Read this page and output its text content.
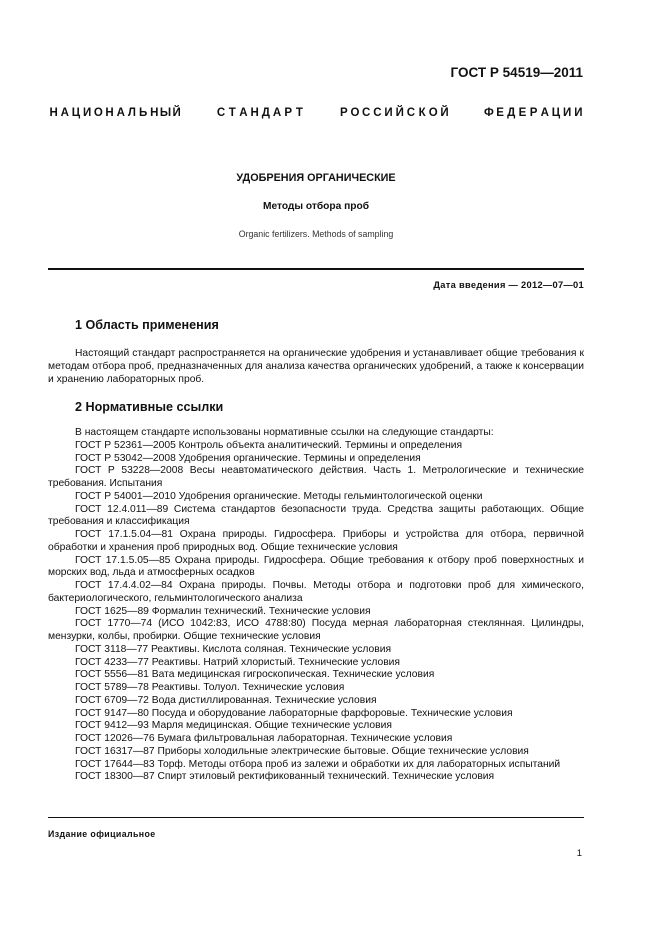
ГОСТ Р 54519—2011
Н А Ц И О Н А Л Ь Н Ы Й	С Т А Н Д А Р Т	Р О С С И Й С К О Й	Ф Е Д Е Р А Ц И И
УДОБРЕНИЯ ОРГАНИЧЕСКИЕ
Методы отбора проб
Organic fertilizers. Methods of sampling
Дата введения — 2012—07—01
1 Область применения
Настоящий стандарт распространяется на органические удобрения и устанавливает общие требования к методам отбора проб, предназначенных для анализа качества органических удобрений, а также к консервации и хранению лабораторных проб.
2 Нормативные ссылки
В настоящем стандарте использованы нормативные ссылки на следующие стандарты:
ГОСТ Р 52361—2005 Контроль объекта аналитический. Термины и определения
ГОСТ Р 53042—2008 Удобрения органические. Термины и определения
ГОСТ Р 53228—2008 Весы неавтоматического действия. Часть 1. Метрологические и технические требования. Испытания
ГОСТ Р 54001—2010 Удобрения органические. Методы гельминтологической оценки
ГОСТ 12.4.011—89 Система стандартов безопасности труда. Средства защиты работающих. Общие требования и классификация
ГОСТ 17.1.5.04—81 Охрана природы. Гидросфера. Приборы и устройства для отбора, первичной обработки и хранения проб природных вод. Общие технические условия
ГОСТ 17.1.5.05—85 Охрана природы. Гидросфера. Общие требования к отбору проб поверхностных и морских вод, льда и атмосферных осадков
ГОСТ 17.4.4.02—84 Охрана природы. Почвы. Методы отбора и подготовки проб для химического, бактериологического, гельминтологического анализа
ГОСТ 1625—89 Формалин технический. Технические условия
ГОСТ 1770—74 (ИСО 1042:83, ИСО 4788:80) Посуда мерная лабораторная стеклянная. Цилиндры, мензурки, колбы, пробирки. Общие технические условия
ГОСТ 3118—77 Реактивы. Кислота соляная. Технические условия
ГОСТ 4233—77 Реактивы. Натрий хлористый. Технические условия
ГОСТ 5556—81 Вата медицинская гигроскопическая. Технические условия
ГОСТ 5789—78 Реактивы. Толуол. Технические условия
ГОСТ 6709—72 Вода дистиллированная. Технические условия
ГОСТ 9147—80 Посуда и оборудование лабораторные фарфоровые. Технические условия
ГОСТ 9412—93 Марля медицинская. Общие технические условия
ГОСТ 12026—76 Бумага фильтровальная лабораторная. Технические условия
ГОСТ 16317—87 Приборы холодильные электрические бытовые. Общие технические условия
ГОСТ 17644—83 Торф. Методы отбора проб из залежи и обработки их для лабораторных испытаний
ГОСТ 18300—87 Спирт этиловый ректификованный технический. Технические условия
Издание официальное
1
